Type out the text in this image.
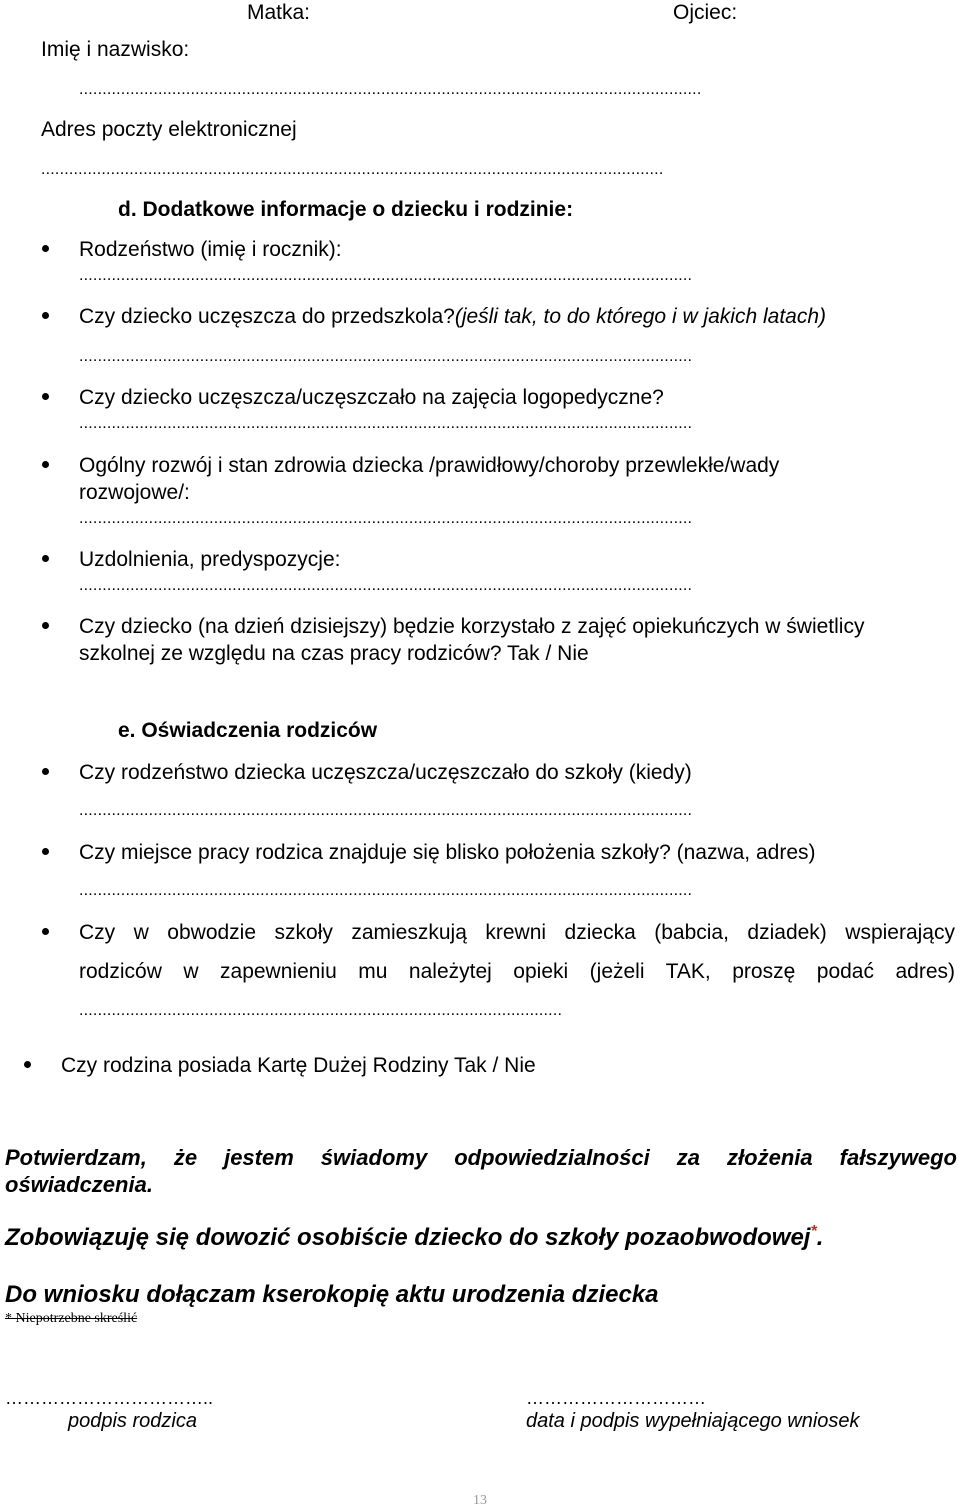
Matka:	Ojciec:
Imię i nazwisko:
......................................................................................................................................
Adres poczty elektronicznej
......................................................................................................................................
d. Dodatkowe informacje o dziecku i rodzinie:
Rodzeństwo (imię i rocznik):
....................................................................................................................................
Czy dziecko uczęszcza do przedszkola?(jeśli tak, to do którego i w jakich latach)
....................................................................................................................................
Czy dziecko uczęszcza/uczęszczało na zajęcia logopedyczne?
....................................................................................................................................
Ogólny rozwój i stan zdrowia dziecka /prawidłowy/choroby przewlekłe/wady
rozwojowe/:
....................................................................................................................................
Uzdolnienia, predyspozycje:
....................................................................................................................................
Czy dziecko (na dzień dzisiejszy) będzie korzystało z zajęć opiekuńczych w świetlicy
szkolnej ze względu na czas pracy rodziców? Tak / Nie
e. Oświadczenia rodziców
Czy rodzeństwo dziecka uczęszcza/uczęszczało do szkoły (kiedy)
....................................................................................................................................
Czy miejsce pracy rodzica znajduje się blisko położenia szkoły? (nazwa, adres)
....................................................................................................................................
Czy w obwodzie szkoły zamieszkują krewni dziecka (babcia, dziadek) wspierający
rodziców w zapewnieniu mu należytej opieki (jeżeli TAK, proszę podać adres)
........................................................................................................
Czy rodzina posiada Kartę Dużej Rodziny Tak / Nie
Potwierdzam, że jestem świadomy odpowiedzialności za złożenia fałszywego
oświadczenia.
Zobowiązuję się dowozić osobiście dziecko do szkoły pozaobwodowej*.
Do wniosku dołączam kserokopię aktu urodzenia dziecka
* Niepotrzebne skreślić
……………………………..
podpis rodzica
…………………………
data i podpis wypełniającego wniosek
13
